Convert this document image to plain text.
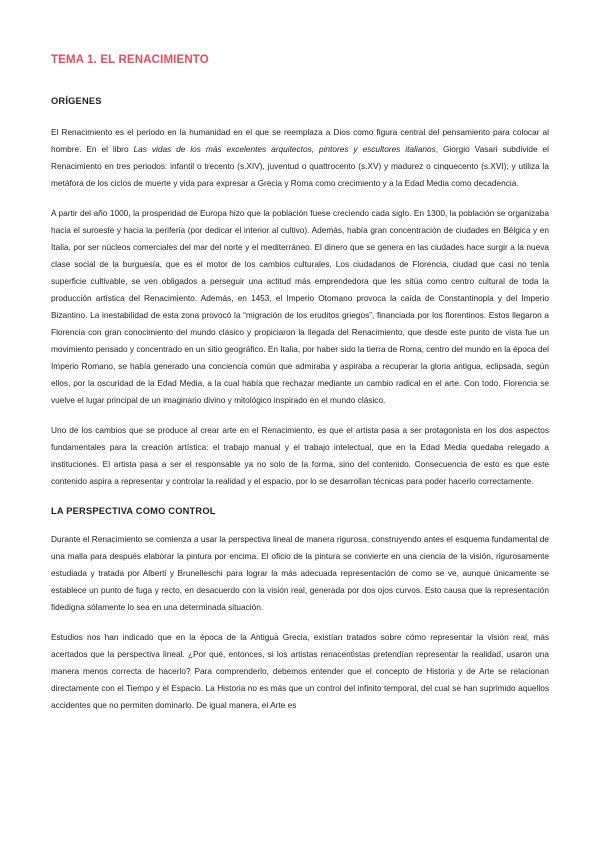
TEMA 1. EL RENACIMIENTO
ORÍGENES

El Renacimiento es el periodo en la humanidad en el que se reemplaza a Dios como figura central del pensamiento para colocar al hombre. En el libro Las vidas de los más excelentes arquitectos, pintores y escultores italianos, Giorgio Vasari subdivide el Renacimiento en tres periodos: infantil o trecento (s.XIV), juventud o quattrocento (s.XV) y madurez o cinquecento (s.XVI); y utiliza la metáfora de los ciclos de muerte y vida para expresar a Grecia y Roma como crecimiento y a la Edad Media como decadencia.

A partir del año 1000, la prosperidad de Europa hizo que la población fuese creciendo cada siglo. En 1300, la población se organizaba hacia el suroeste y hacia la periferia (por dedicar el interior al cultivo). Además, había gran concentración de ciudades en Bélgica y en Italia, por ser núcleos comerciales del mar del norte y el mediterráneo. El dinero que se genera en las ciudades hace surgir a la nueva clase social de la burguesía, que es el motor de los cambios culturales. Los ciudadanos de Florencia, ciudad que casi no tenía superficie cultivable, se ven obligados a perseguir una actitud más emprendedora que les sitúa como centro cultural de toda la producción artística del Renacimiento. Además, en 1453, el Imperio Otomano provoca la caída de Constantinopla y del Imperio Bizantino. La inestabilidad de esta zona provocó la “migración de los eruditos griegos”, financiada por los florentinos. Estos llegaron a Florencia con gran conocimiento del mundo clásico y propiciaron la llegada del Renacimiento, que desde este punto de vista fue un movimiento pensado y concentrado en un sitio geográfico. En Italia, por haber sido la tierra de Roma, centro del mundo en la época del Imperio Romano, se había generado una conciencia común que admiraba y aspiraba a recuperar la gloria antigua, eclipsada, según ellos, por la oscuridad de la Edad Media, a la cual había que rechazar mediante un cambio radical en el arte. Con todo, Florencia se vuelve el lugar principal de un imaginario divino y mitológico inspirado en el mundo clásico.

Uno de los cambios que se produce al crear arte en el Renacimiento, es que el artista pasa a ser protagonista en los dos aspectos fundamentales para la creación artística: el trabajo manual y el trabajo intelectual, que en la Edad Media quedaba relegado a instituciones. El artista pasa a ser el responsable ya no solo de la forma, sino del contenido. Consecuencia de esto es que este contenido aspira a representar y controlar la realidad y el espacio, por lo se desarrollan técnicas para poder hacerlo correctamente.

LA PERSPECTIVA COMO CONTROL

Durante el Renacimiento se comienza a usar la perspectiva lineal de manera rigurosa, construyendo antes el esquema fundamental de una malla para después elaborar la pintura por encima. El oficio de la pintura se convierte en una ciencia de la visión, rigurosamente estudiada y tratada por Alberti y Brunelleschi para lograr la más adecuada representación de como se ve, aunque únicamente se establece un punto de fuga y recto, en desacuerdo con la visión real, generada por dos ojos curvos. Esto causa que la representación fidedigna sólamente lo sea en una determinada situación.

Estudios nos han indicado que en la época de la Antigua Grecia, existían tratados sobre cómo representar la visión real, más acertados que la perspectiva lineal. ¿Por qué, entonces, si los artistas renacentistas pretendían representar la realidad, usaron una manera menos correcta de hacerlo? Para comprenderlo, debemos entender que el concepto de Historia y de Arte se relacionan directamente con el Tiempo y el Espacio. La Historia no es más que un control del infinito temporal, del cual se han suprimido aquellos accidentes que no permiten dominarlo. De igual manera, el Arte es
